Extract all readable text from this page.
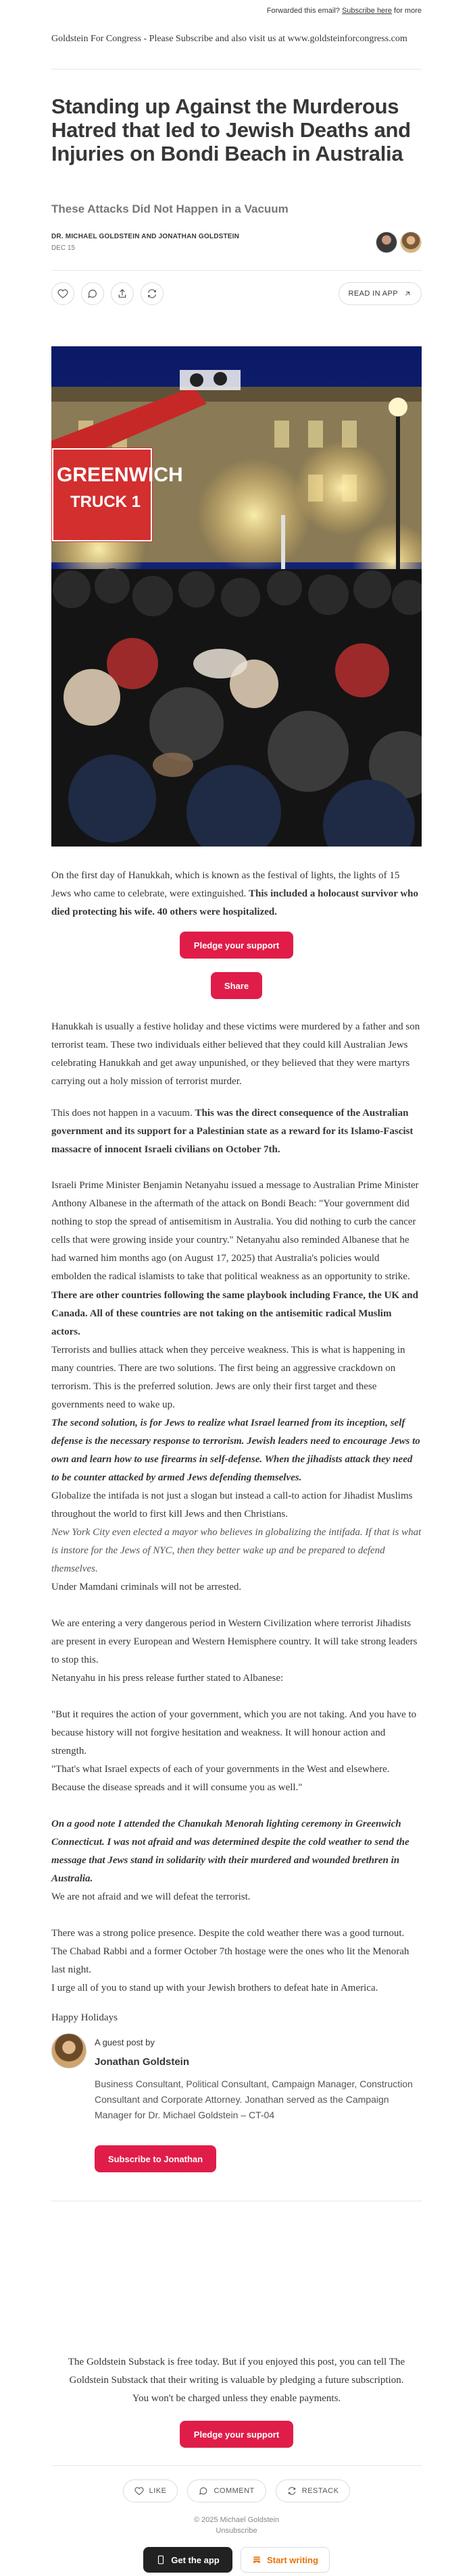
Forwarded this email? Subscribe here for more
Goldstein For Congress - Please Subscribe and also visit us at www.goldsteinforcongress.com
Standing up Against the Murderous Hatred that led to Jewish Deaths and Injuries on Bondi Beach in Australia
These Attacks Did Not Happen in a Vacuum
DR. MICHAEL GOLDSTEIN AND JONATHAN GOLDSTEIN
DEC 15
READ IN APP
GREENWICH
TRUCK 1

On the first day of Hanukkah, which is known as the festival of lights, the lights of 15 Jews who came to celebrate, were extinguished. This included a holocaust survivor who died protecting his wife. 40 others were hospitalized.

Pledge your support
Share

Hanukkah is usually a festive holiday and these victims were murdered by a father and son terrorist team. These two individuals either believed that they could kill Australian Jews celebrating Hanukkah and get away unpunished, or they believed that they were martyrs carrying out a holy mission of terrorist murder.

This does not happen in a vacuum. This was the direct consequence of the Australian government and its support for a Palestinian state as a reward for its Islamo-Fascist massacre of innocent Israeli civilians on October 7th.

Israeli Prime Minister Benjamin Netanyahu issued a message to Australian Prime Minister Anthony Albanese in the aftermath of the attack on Bondi Beach: "Your government did nothing to stop the spread of antisemitism in Australia. You did nothing to curb the cancer cells that were growing inside your country." Netanyahu also reminded Albanese that he had warned him months ago (on August 17, 2025) that Australia's policies would embolden the radical islamists to take that political weakness as an opportunity to strike.

There are other countries following the same playbook including France, the UK and Canada. All of these countries are not taking on the antisemitic radical Muslim actors.

Terrorists and bullies attack when they perceive weakness. This is what is happening in many countries. There are two solutions. The first being an aggressive crackdown on terrorism. This is the preferred solution. Jews are only their first target and these governments need to wake up.

The second solution, is for Jews to realize what Israel learned from its inception, self defense is the necessary response to terrorism. Jewish leaders need to encourage Jews to own and learn how to use firearms in self-defense. When the jihadists attack they need to be counter attacked by armed Jews defending themselves.

Globalize the intifada is not just a slogan but instead a call-to action for Jihadist Muslims throughout the world to first kill Jews and then Christians.

New York City even elected a mayor who believes in globalizing the intifada. If that is what is instore for the Jews of NYC, then they better wake up and be prepared to defend themselves.

Under Mamdani criminals will not be arrested.

We are entering a very dangerous period in Western Civilization where terrorist Jihadists are present in every European and Western Hemisphere country. It will take strong leaders to stop this.

Netanyahu in his press release further stated to Albanese:

"But it requires the action of your government, which you are not taking. And you have to because history will not forgive hesitation and weakness. It will honour action and strength.

"That's what Israel expects of each of your governments in the West and elsewhere. Because the disease spreads and it will consume you as well."

On a good note I attended the Chanukah Menorah lighting ceremony in Greenwich Connecticut. I was not afraid and was determined despite the cold weather to send the message that Jews stand in solidarity with their murdered and wounded brethren in Australia.

We are not afraid and we will defeat the terrorist.

There was a strong police presence. Despite the cold weather there was a good turnout. The Chabad Rabbi and a former October 7th hostage were the ones who lit the Menorah last night.

I urge all of you to stand up with your Jewish brothers to defeat hate in America.

Happy Holidays

A guest post by
Jonathan Goldstein

Business Consultant, Political Consultant, Campaign Manager, Construction Consultant and Corporate Attorney. Jonathan served as the Campaign Manager for Dr. Michael Goldstein – CT-04

Subscribe to Jonathan

The Goldstein Substack is free today. But if you enjoyed this post, you can tell The Goldstein Substack that their writing is valuable by pledging a future subscription. You won't be charged unless they enable payments.

Pledge your support
LIKE	COMMENT	RESTACK
© 2025 Michael Goldstein
Unsubscribe
Get the app	Start writing
